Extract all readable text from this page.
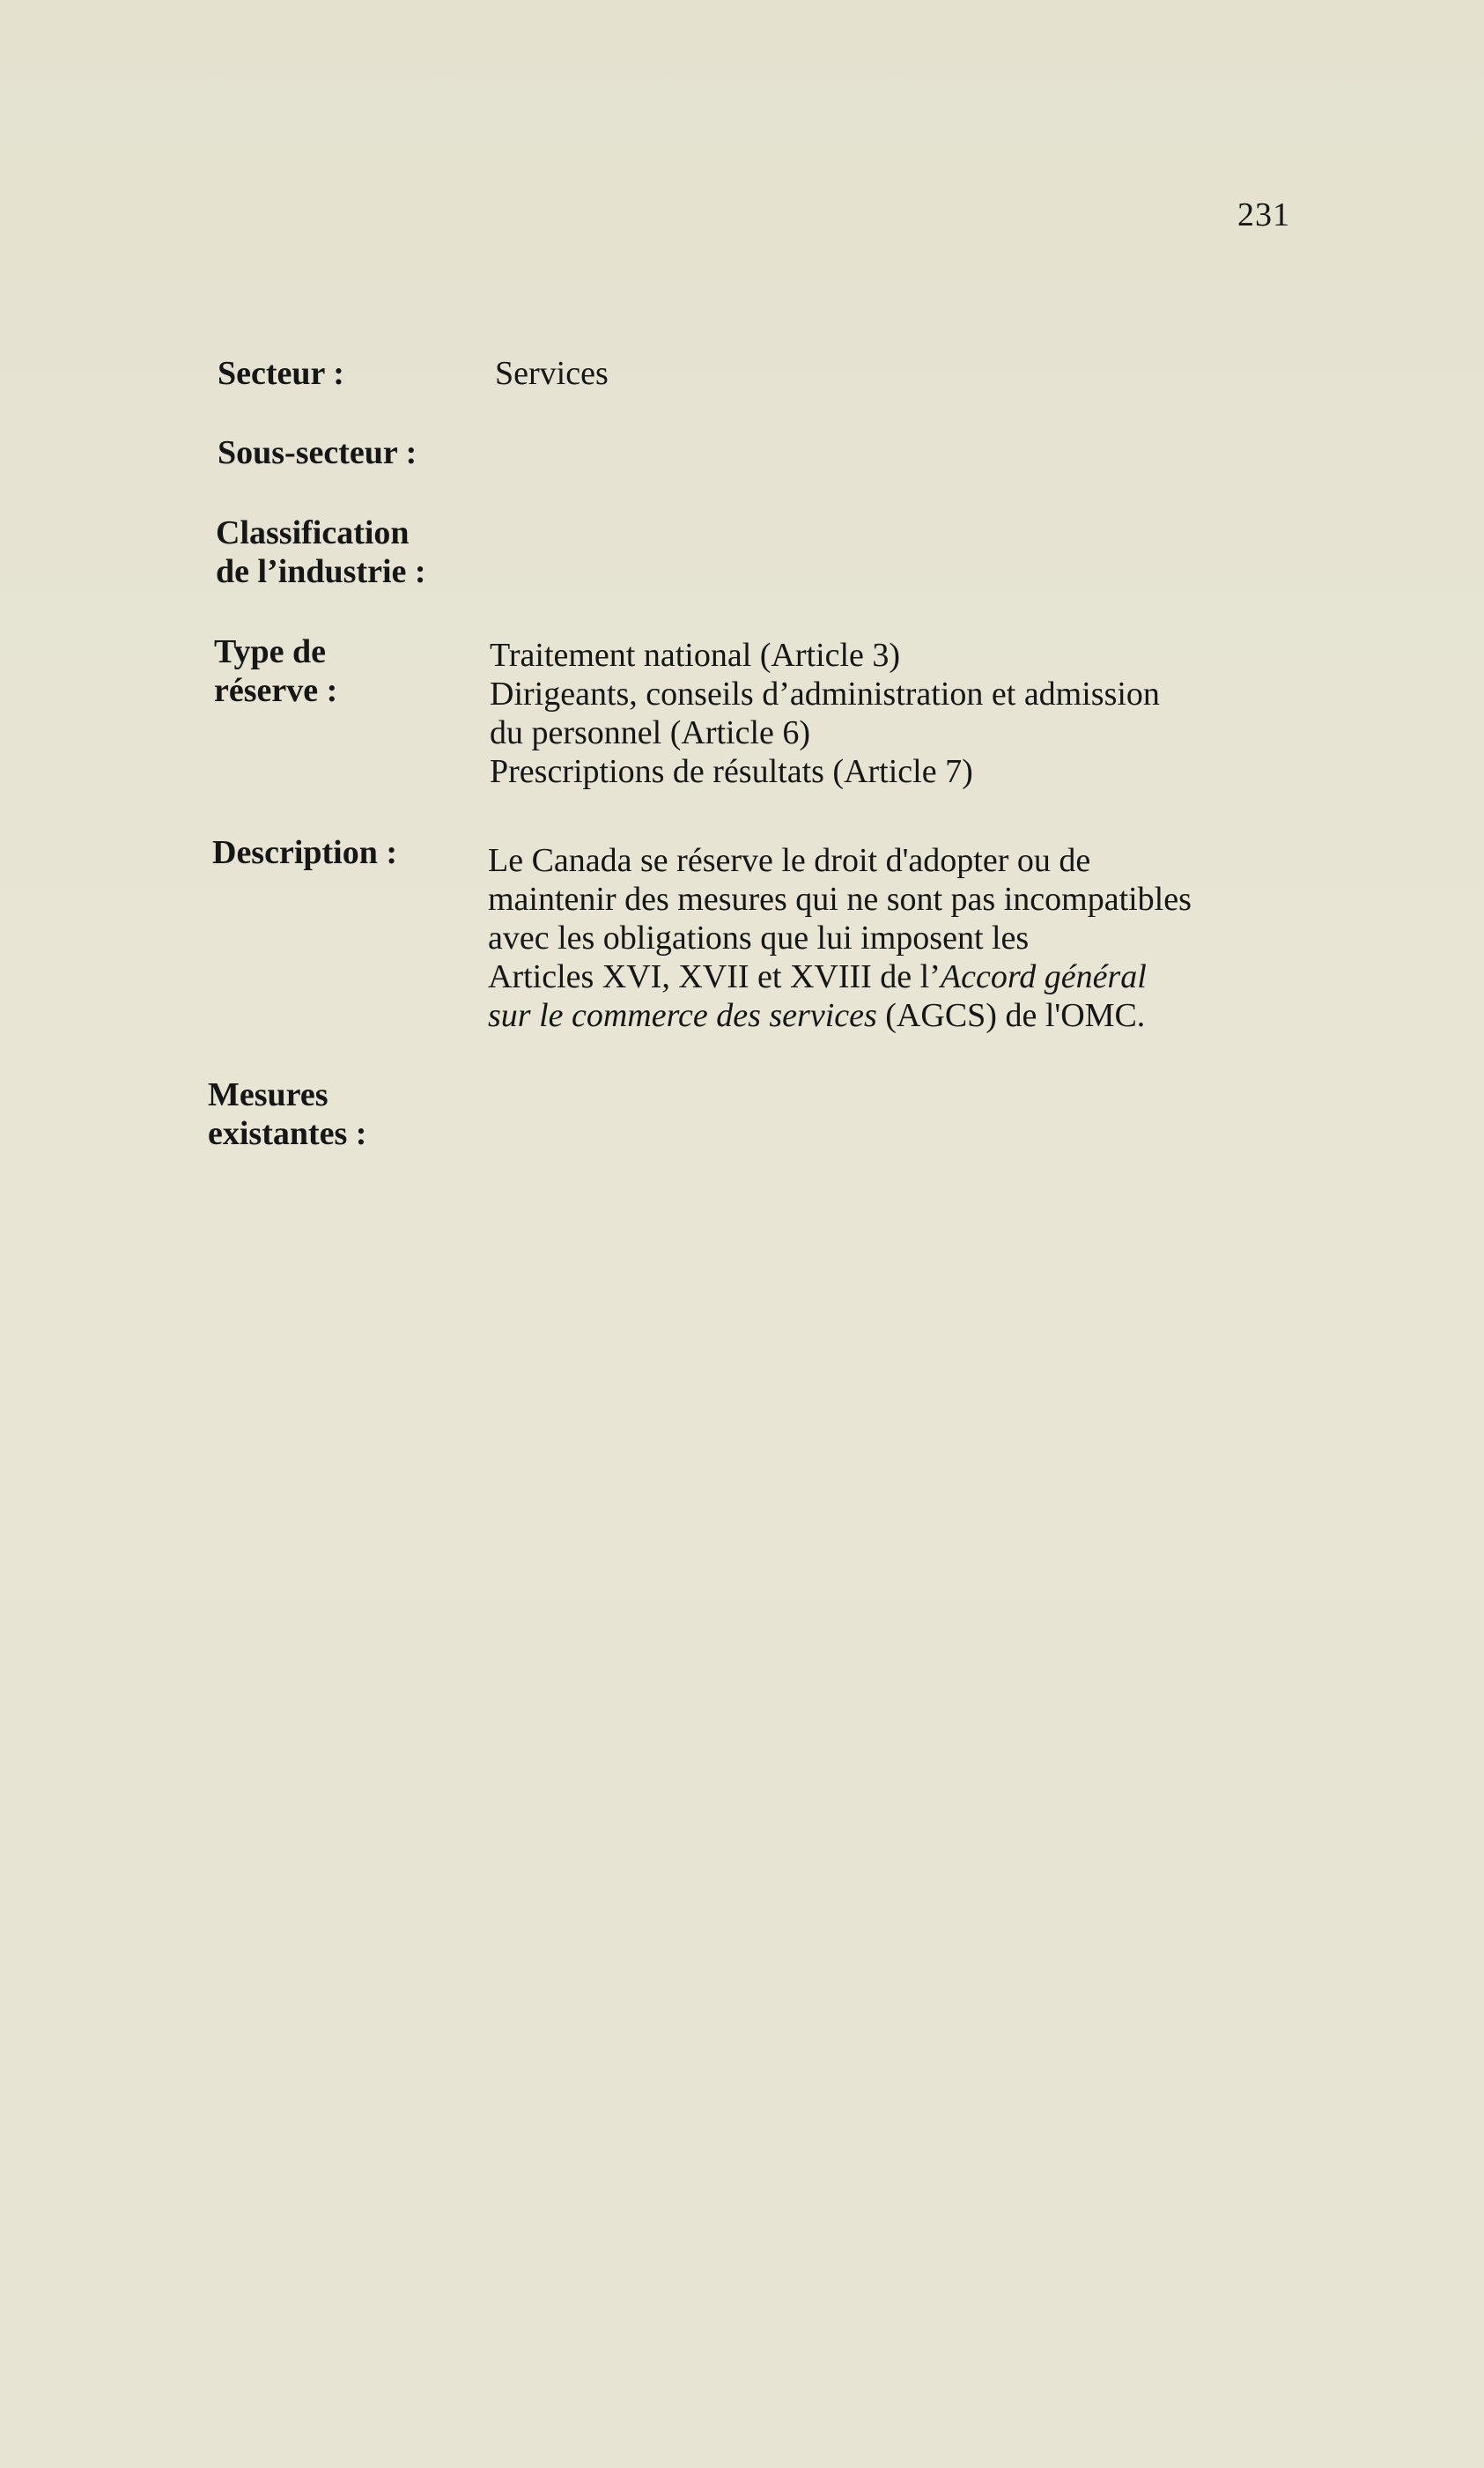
231
Secteur :	Services
Sous-secteur :
Classification
de l’industrie :
Type de
réserve :
Traitement national (Article 3)
Dirigeants, conseils d’administration et admission
du personnel (Article 6)
Prescriptions de résultats (Article 7)
Description :	Le Canada se réserve le droit d'adopter ou de
maintenir des mesures qui ne sont pas incompatibles
avec les obligations que lui imposent les
Articles XVI, XVII et XVIII de l’Accord général
sur le commerce des services (AGCS) de l'OMC.
Mesures
existantes :
